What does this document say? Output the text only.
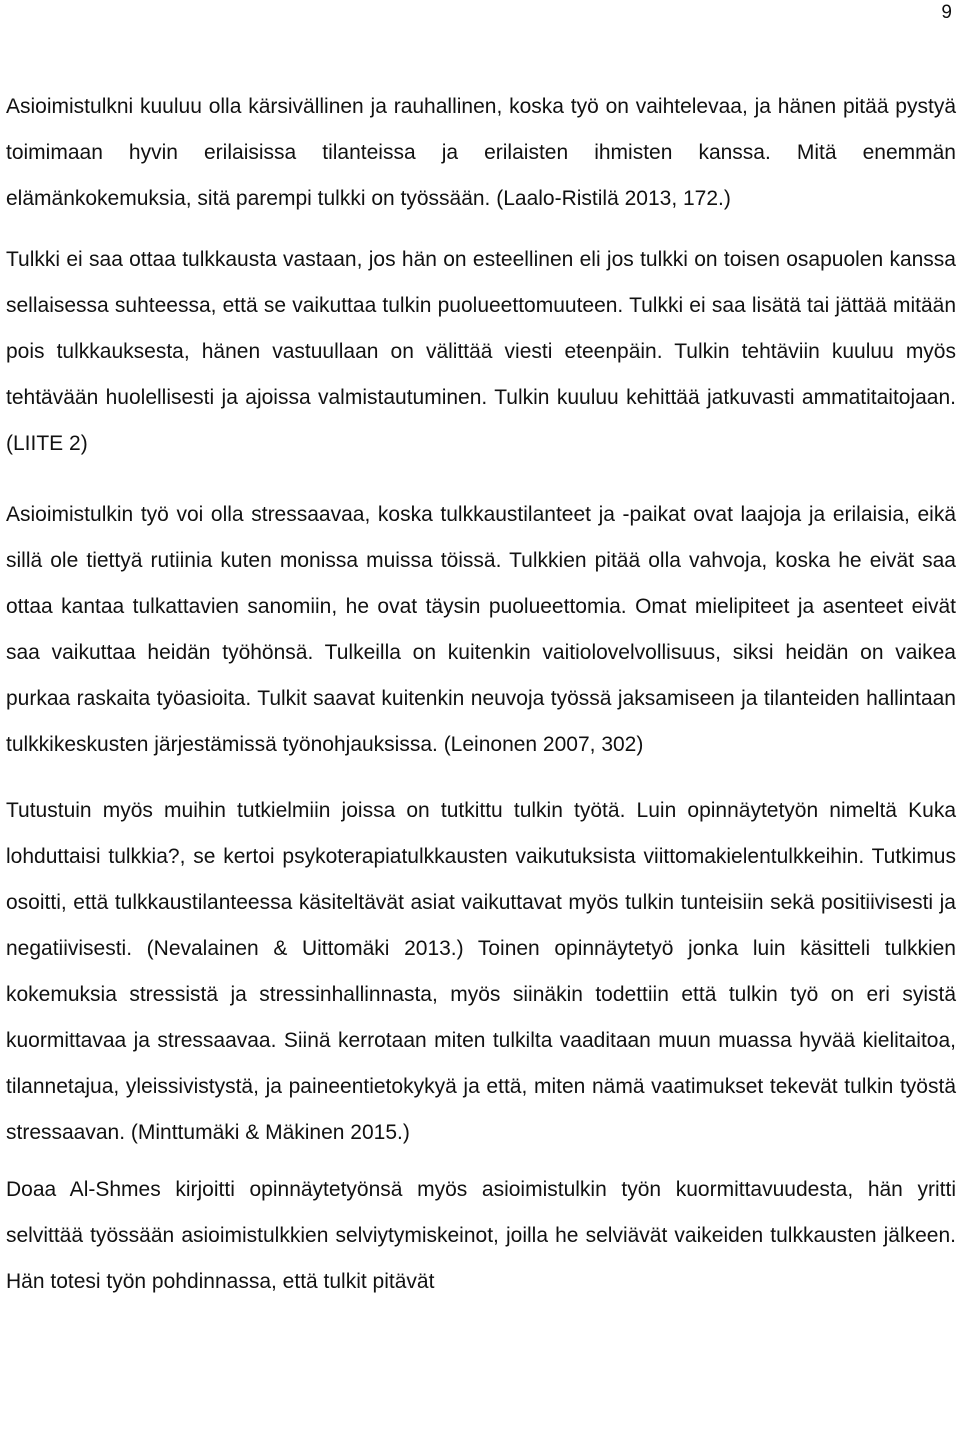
9

Asioimistulkni kuuluu olla kärsivällinen ja rauhallinen, koska työ on vaihtelevaa, ja hänen pitää pystyä toimimaan hyvin erilaisissa tilanteissa ja erilaisten ihmisten kanssa. Mitä enemmän elämänkokemuksia, sitä parempi tulkki on työssään. (Laalo-Ristilä 2013, 172.)

Tulkki ei saa ottaa tulkkausta vastaan, jos hän on esteellinen eli jos tulkki on toisen osapuolen kanssa sellaisessa suhteessa, että se vaikuttaa tulkin puolueettomuuteen. Tulkki ei saa lisätä tai jättää mitään pois tulkkauksesta, hänen vastuullaan on välittää viesti eteenpäin. Tulkin tehtäviin kuuluu myös tehtävään huolellisesti ja ajoissa valmistautuminen. Tulkin kuuluu kehittää jatkuvasti ammatitaitojaan.(LIITE 2)

Asioimistulkin työ voi olla stressaavaa, koska tulkkaustilanteet ja -paikat ovat laajoja ja erilaisia, eikä sillä ole tiettyä rutiinia kuten monissa muissa töissä. Tulkkien pitää olla vahvoja, koska he eivät saa ottaa kantaa tulkattavien sanomiin, he ovat täysin puolueettomia. Omat mielipiteet ja asenteet eivät saa vaikuttaa heidän työhönsä. Tulkeilla on kuitenkin vaitiolovelvollisuus, siksi heidän on vaikea purkaa raskaita työasioita. Tulkit saavat kuitenkin neuvoja työssä jaksamiseen ja tilanteiden hallintaan tulkkikeskusten järjestämissä työnohjauksissa. (Leinonen 2007, 302)

Tutustuin myös muihin tutkielmiin joissa on tutkittu tulkin työtä. Luin opinnäytetyön nimeltä Kuka lohduttaisi tulkkia?, se kertoi psykoterapiatulkkausten vaikutuksista viittomakielentulkkeihin. Tutkimus osoitti, että tulkkaustilanteessa käsiteltävät asiat vaikuttavat myös tulkin tunteisiin sekä positiivisesti ja negatiivisesti. (Nevalainen & Uittomäki 2013.) Toinen opinnäytetyö jonka luin käsitteli tulkkien kokemuksia stressistä ja stressinhallinnasta, myös siinäkin todettiin että tulkin työ on eri syistä kuormittavaa ja stressaavaa. Siinä kerrotaan miten tulkilta vaaditaan muun muassa hyvää kielitaitoa, tilannetajua, yleissivistystä, ja paineentietokykyä ja että, miten nämä vaatimukset tekevät tulkin työstä stressaavan. (Minttumäki & Mäkinen 2015.)

Doaa Al-Shmes kirjoitti opinnäytetyönsä myös asioimistulkin työn kuormittavuudesta, hän yritti selvittää työssään asioimistulkkien selviytymiskeinot, joilla he selviävät vaikeiden tulkkausten jälkeen. Hän totesi työn pohdinnassa, että tulkit pitävät
